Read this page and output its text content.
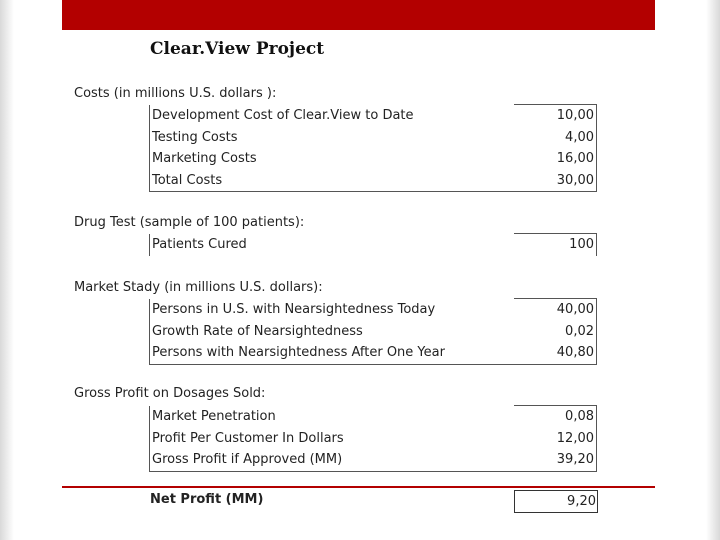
Clear.View Project
Costs (in millions U.S. dollars ):
Development Cost of Clear.View to Date
Testing Costs
Marketing Costs
Total Costs
10,00
4,00
16,00
30,00
Drug Test (sample of 100 patients):
Patients Cured	100
Market Stady (in millions U.S. dollars):
Persons in U.S. with Nearsightedness Today
Growth Rate of Nearsightedness
Persons with Nearsightedness After One Year
40,00
0,02
40,80
Gross Profit on Dosages Sold:
Market Penetration
Profit Per Customer In Dollars
Gross Profit if Approved (MM)
0,08
12,00
39,20
Net Profit (MM)	9,20
